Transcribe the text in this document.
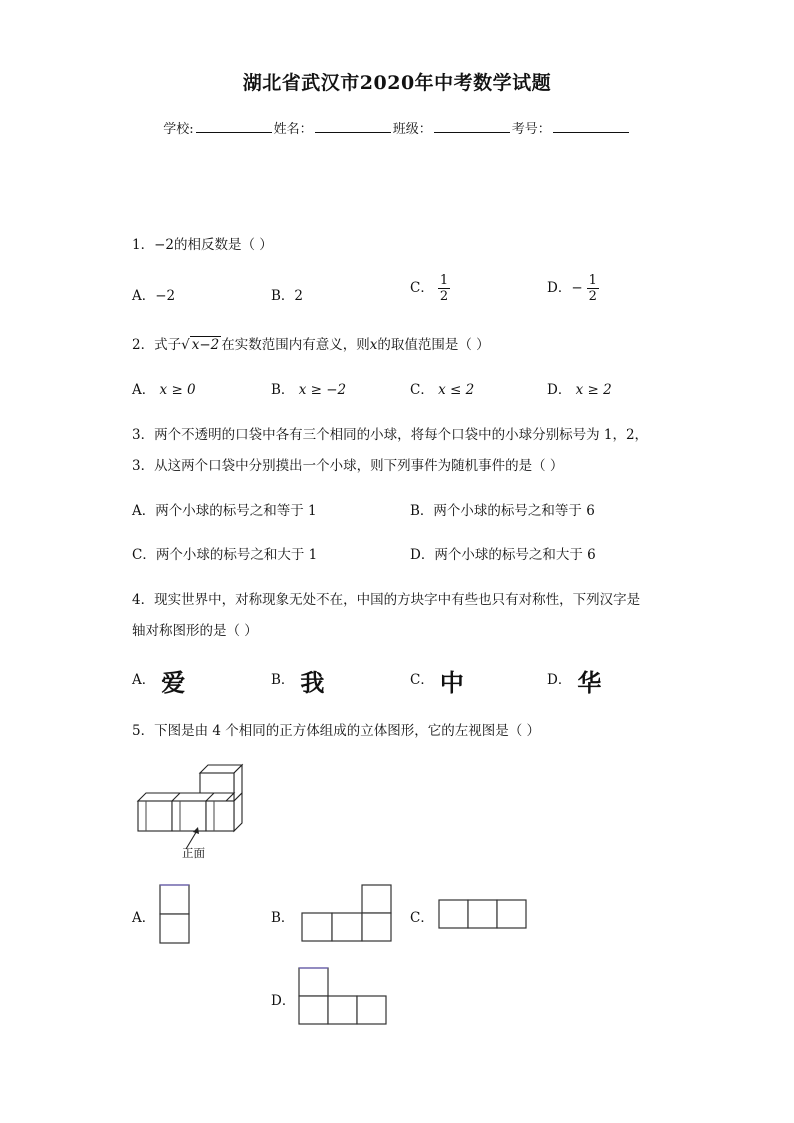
湖北省武汉市2020年中考数学试题
学校:	姓名：	班级：	考号：
1．−2的相反数是（ ）
A．−2	B．2	C． $\frac{1}{2}$	D．− $\frac{1}{2}$
2．式子√ x−2 在实数范围内有意义，则x的取值范围是（ ）
A． x ≥ 0	B． x ≥ −2	C． x ≤ 2	D． x ≥ 2
3．两个不透明的口袋中各有三个相同的小球，将每个口袋中的小球分别标号为 1，2，
3．从这两个口袋中分别摸出一个小球，则下列事件为随机事件的是（ ）
A．两个小球的标号之和等于 1	B．两个小球的标号之和等于 6
C．两个小球的标号之和大于 1	D．两个小球的标号之和大于 6
4．现实世界中，对称现象无处不在，中国的方块字中有些也只有对称性，下列汉字是
轴对称图形的是（ ）
A． 爱	B． 我	C． 中	D． 华
5．下图是由 4 个相同的正方体组成的立体图形，它的左视图是（ ）
正面
A．	B．	C．
D．
